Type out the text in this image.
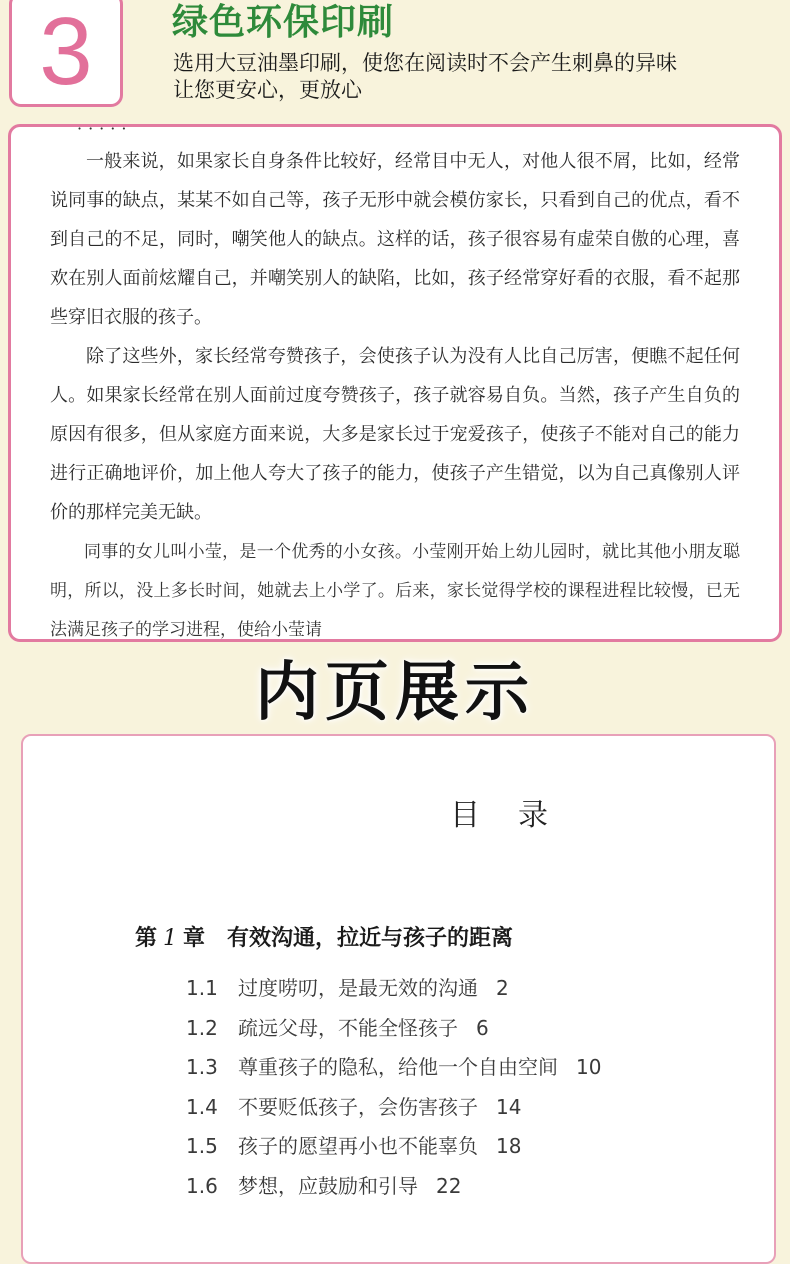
3 绿色环保印刷
选用大豆油墨印刷，使您在阅读时不会产生刺鼻的异味
让您更安心，更放心
·····

一般来说，如果家长自身条件比较好，经常目中无人，对他人很不屑，比如，经常说同事的缺点，某某不如自己等，孩子无形中就会模仿家长，只看到自己的优点，看不到自己的不足，同时，嘲笑他人的缺点。这样的话，孩子很容易有虚荣自傲的心理，喜欢在别人面前炫耀自己，并嘲笑别人的缺陷，比如，孩子经常穿好看的衣服，看不起那些穿旧衣服的孩子。

除了这些外，家长经常夸赞孩子，会使孩子认为没有人比自己厉害，便瞧不起任何人。如果家长经常在别人面前过度夸赞孩子，孩子就容易自负。当然，孩子产生自负的原因有很多，但从家庭方面来说，大多是家长过于宠爱孩子，使孩子不能对自己的能力进行正确地评价，加上他人夸大了孩子的能力，使孩子产生错觉，以为自己真像别人评价的那样完美无缺。

同事的女儿叫小莹，是一个优秀的小女孩。小莹刚开始上幼儿园时，就比其他小朋友聪明，所以，没上多长时间，她就去上小学了。后来，家长觉得学校的课程进程比较慢，已无法满足孩子的学习进程，使给小莹请

内页展示
目录
第 1 章 有效沟通，拉近与孩子的距离
1.1 过度唠叨，是最无效的沟通 2
1.2 疏远父母，不能全怪孩子 6
1.3 尊重孩子的隐私，给他一个自由空间 10
1.4 不要贬低孩子，会伤害孩子 14
1.5 孩子的愿望再小也不能辜负 18
1.6 梦想，应鼓励和引导 22
